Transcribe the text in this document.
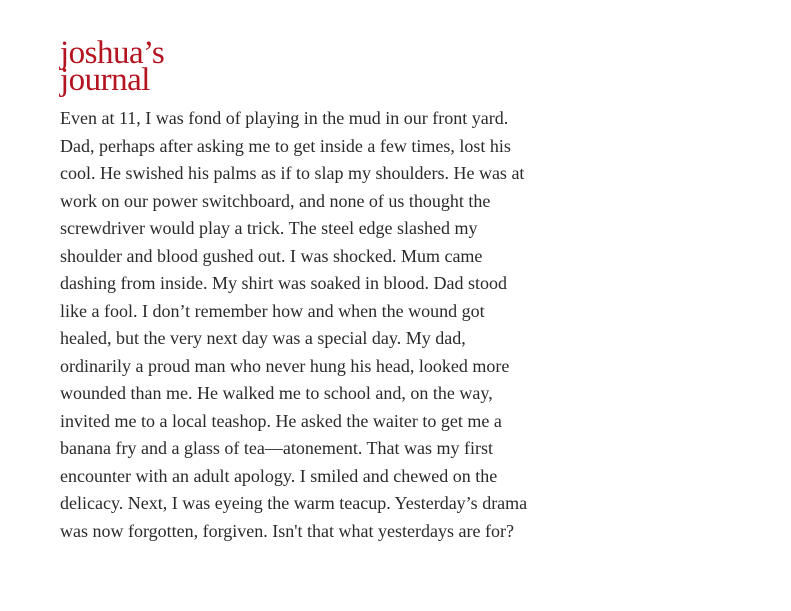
joshua’s
journal

Even at 11, I was fond of playing in the mud in our front yard.
Dad, perhaps after asking me to get inside a few times, lost his
cool. He swished his palms as if to slap my shoulders. He was at
work on our power switchboard, and none of us thought the
screwdriver would play a trick. The steel edge slashed my
shoulder and blood gushed out. I was shocked. Mum came
dashing from inside. My shirt was soaked in blood. Dad stood
like a fool. I don’t remember how and when the wound got
healed, but the very next day was a special day. My dad,
ordinarily a proud man who never hung his head, looked more
wounded than me. He walked me to school and, on the way,
invited me to a local teashop. He asked the waiter to get me a
banana fry and a glass of tea—atonement. That was my first
encounter with an adult apology. I smiled and chewed on the
delicacy. Next, I was eyeing the warm teacup. Yesterday’s drama
was now forgotten, forgiven. Isn't that what yesterdays are for?
